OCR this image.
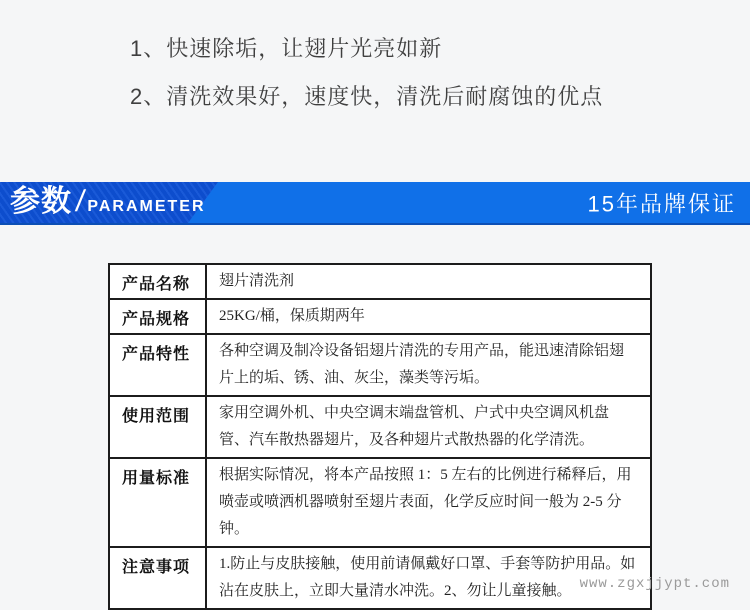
1、快速除垢，让翅片光亮如新
2、清洗效果好，速度快，清洗后耐腐蚀的优点
参数 / PARAMETER	15年品牌保证
产品名称	翅片清洗剂
产品规格	25KG/桶，保质期两年
产品特性	各种空调及制冷设备铝翅片清洗的专用产品，能迅速清除铝翅片上的垢、锈、油、灰尘，藻类等污垢。
使用范围	家用空调外机、中央空调末端盘管机、户式中央空调风机盘管、汽车散热器翅片，及各种翅片式散热器的化学清洗。
用量标准	根据实际情况，将本产品按照 1：5 左右的比例进行稀释后，用喷壶或喷洒机器喷射至翅片表面，化学反应时间一般为 2-5 分钟。
注意事项	1.防止与皮肤接触，使用前请佩戴好口罩、手套等防护用品。如沾在皮肤上，立即大量清水冲洗。2、勿让儿童接触。 www.zgxjjypt.com
